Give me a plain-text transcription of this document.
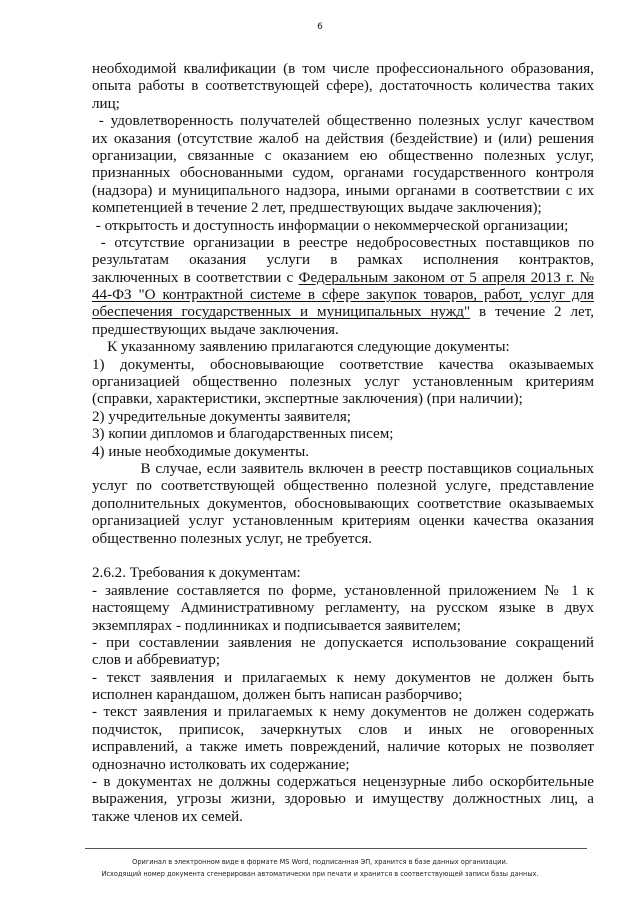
6
необходимой квалификации (в том числе профессионального образования,
опыта работы в соответствующей сфере), достаточность количества таких
лиц;
- удовлетворенность получателей общественно полезных услуг качеством
их оказания (отсутствие жалоб на действия (бездействие) и (или) решения
организации, связанные с оказанием ею общественно полезных услуг,
признанных обоснованными судом, органами государственного контроля
(надзора) и муниципального надзора, иными органами в соответствии с их
компетенцией в течение 2 лет, предшествующих выдаче заключения);
- открытость и доступность информации о некоммерческой организации;
- отсутствие организации в реестре недобросовестных поставщиков по
результатам оказания услуги в рамках исполнения контрактов,
заключенных в соответствии с Федеральным законом от 5 апреля 2013 г. №
44-ФЗ "О контрактной системе в сфере закупок товаров, работ, услуг для
обеспечения государственных и муниципальных нужд" в течение 2 лет,
предшествующих выдаче заключения.
К указанному заявлению прилагаются следующие документы:
1) документы, обосновывающие соответствие качества оказываемых
организацией общественно полезных услуг установленным критериям
(справки, характеристики, экспертные заключения) (при наличии);
2) учредительные документы заявителя;
3) копии дипломов и благодарственных писем;
4) иные необходимые документы.
В случае, если заявитель включен в реестр поставщиков социальных
услуг по соответствующей общественно полезной услуге, представление
дополнительных документов, обосновывающих соответствие оказываемых
организацией услуг установленным критериям оценки качества оказания
общественно полезных услуг, не требуется.
2.6.2. Требования к документам:
- заявление составляется по форме, установленной приложением № 1 к
настоящему Административному регламенту, на русском языке в двух
экземплярах - подлинниках и подписывается заявителем;
- при составлении заявления не допускается использование сокращений
слов и аббревиатур;
- текст заявления и прилагаемых к нему документов не должен быть
исполнен карандашом, должен быть написан разборчиво;
- текст заявления и прилагаемых к нему документов не должен содержать
подчисток, приписок, зачеркнутых слов и иных не оговоренных
исправлений, а также иметь повреждений, наличие которых не позволяет
однозначно истолковать их содержание;
- в документах не должны содержаться нецензурные либо оскорбительные
выражения, угрозы жизни, здоровью и имуществу должностных лиц, а
также членов их семей.
Оригинал в электронном виде в формате MS Word, подписанная ЭП, хранится в базе данных организации.
Исходящий номер документа сгенерирован автоматически при печати и хранится в соответствующей записи базы данных.
